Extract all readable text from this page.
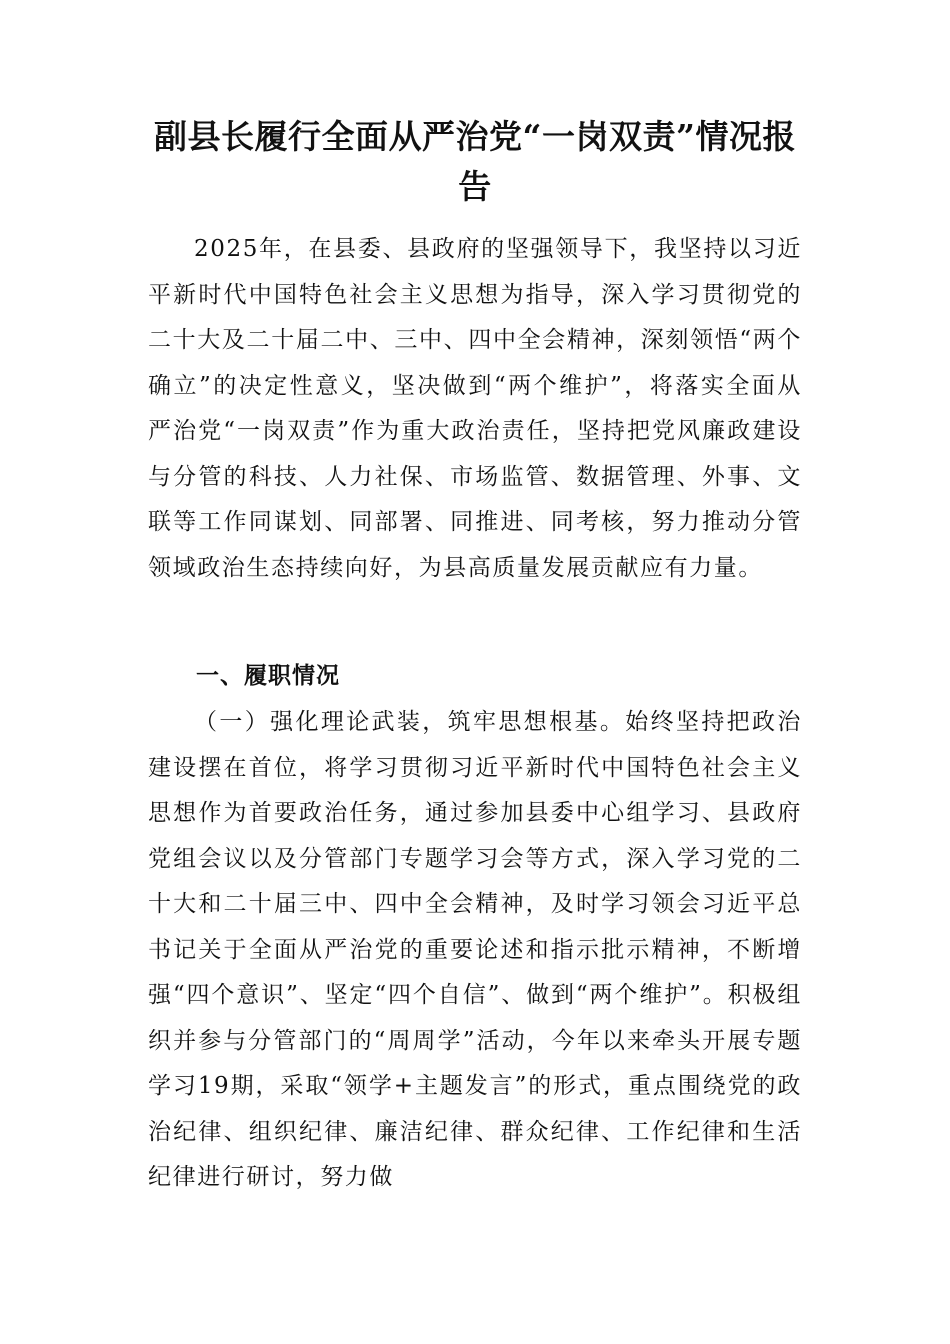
副县长履行全面从严治党“一岗双责”情况报告

2025年，在县委、县政府的坚强领导下，我坚持以习近平新时代中国特色社会主义思想为指导，深入学习贯彻党的二十大及二十届二中、三中、四中全会精神，深刻领悟“两个确立”的决定性意义，坚决做到“两个维护”，将落实全面从严治党“一岗双责”作为重大政治责任，坚持把党风廉政建设与分管的科技、人力社保、市场监管、数据管理、外事、文联等工作同谋划、同部署、同推进、同考核，努力推动分管领域政治生态持续向好，为县高质量发展贡献应有力量。

一、履职情况

（一）强化理论武装，筑牢思想根基。始终坚持把政治建设摆在首位，将学习贯彻习近平新时代中国特色社会主义思想作为首要政治任务，通过参加县委中心组学习、县政府党组会议以及分管部门专题学习会等方式，深入学习党的二十大和二十届三中、四中全会精神，及时学习领会习近平总书记关于全面从严治党的重要论述和指示批示精神，不断增强“四个意识”、坚定“四个自信”、做到“两个维护”。积极组织并参与分管部门的“周周学”活动，今年以来牵头开展专题学习19期，采取“领学+主题发言”的形式，重点围绕党的政治纪律、组织纪律、廉洁纪律、群众纪律、工作纪律和生活纪律进行研讨，努力做
